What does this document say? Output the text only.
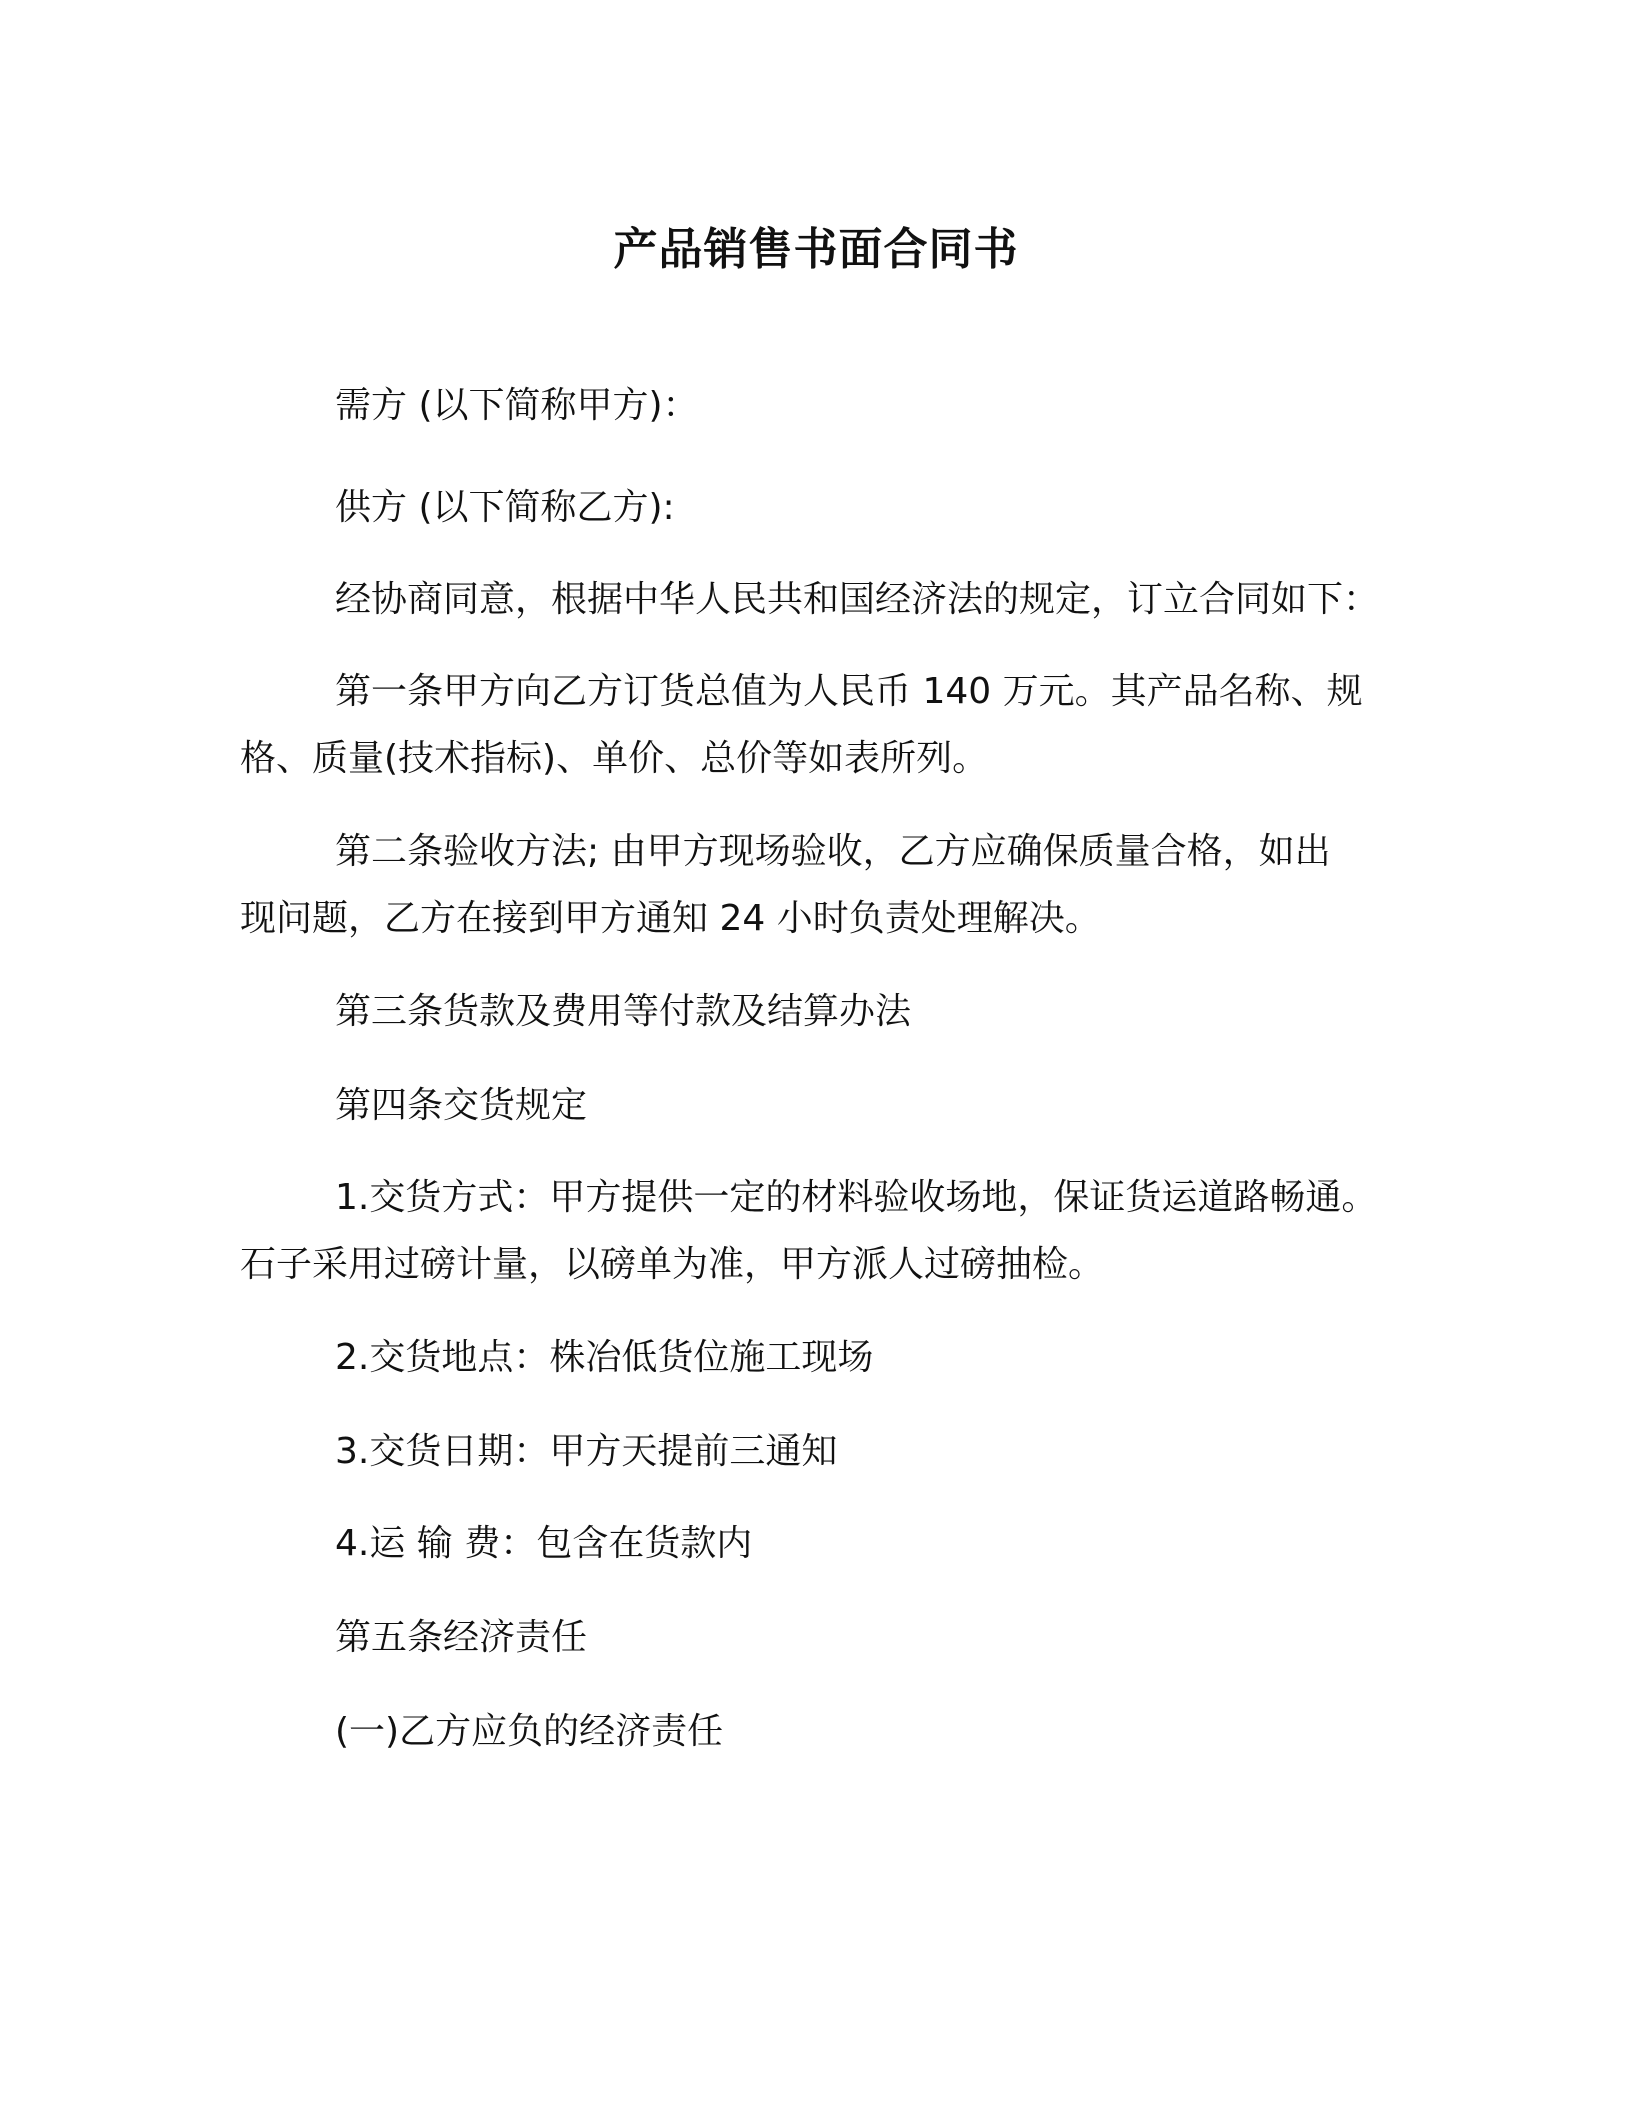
产品销售书面合同书

需方 (以下简称甲方)：

供方 (以下简称乙方):

经协商同意，根据中华人民共和国经济法的规定，订立合同如下：

第一条甲方向乙方订货总值为人民币 140 万元。其产品名称、规
格、质量(技术指标)、单价、总价等如表所列。
第二条验收方法; 由甲方现场验收，乙方应确保质量合格，如出
现问题，乙方在接到甲方通知 24 小时负责处理解决。

第三条货款及费用等付款及结算办法

第四条交货规定

1.交货方式：甲方提供一定的材料验收场地，保证货运道路畅通。
石子采用过磅计量，以磅单为准，甲方派人过磅抽检。

2.交货地点：株冶低货位施工现场

3.交货日期：甲方天提前三通知

4.运 输 费：包含在货款内

第五条经济责任

(一)乙方应负的经济责任
